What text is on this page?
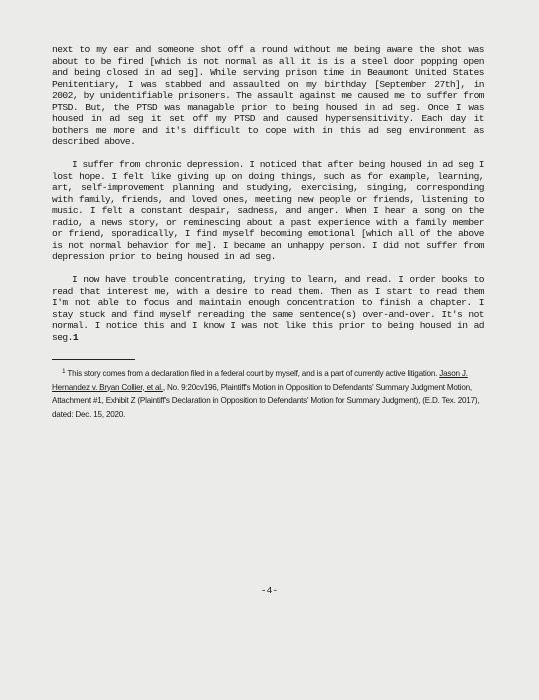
next to my ear and someone shot off a round without me being aware the shot was about to be fired [which is not normal as all it is is a steel door popping open and being closed in ad seg]. While serving prison time in Beaumont United States Penitentiary, I was stabbed and assaulted on my birthday [September 27th], in 2002, by unidentifiable prisoners. The assault against me caused me to suffer from PTSD. But, the PTSD was managable prior to being housed in ad seg. Once I was housed in ad seg it set off my PTSD and caused hypersensitivity. Each day it bothers me more and it's difficult to cope with in this ad seg environment as described above.

I suffer from chronic depression. I noticed that after being housed in ad seg I lost hope. I felt like giving up on doing things, such as for example, learning, art, self-improvement planning and studying, exercising, singing, corresponding with family, friends, and loved ones, meeting new people or friends, listening to music. I felt a constant despair, sadness, and anger. When I hear a song on the radio, a news story, or reminescing about a past experience with a family member or friend, sporadically, I find myself becoming emotional [which all of the above is not normal behavior for me]. I became an unhappy person. I did not suffer from depression prior to being housed in ad seg.

I now have trouble concentrating, trying to learn, and read. I order books to read that interest me, with a desire to read them. Then as I start to read them I'm not able to focus and maintain enough concentration to finish a chapter. I stay stuck and find myself rereading the same sentence(s) over-and-over. It's not normal. I notice this and I know I was not like this prior to being housed in ad seg.1

$^1$ This story comes from a declaration filed in a federal court by myself, and is a part of currently active litigation. Jason J. Hernandez v. Bryan Collier, et al., No. 9:20cv196, Plaintiff's Motion in Opposition to Defendants' Summary Judgment Motion, Attachment #1, Exhibit Z (Plaintiff's Declaration in Opposition to Defendants' Motion for Summary Judgment), (E.D. Tex. 2017), dated: Dec. 15, 2020.

-4-
